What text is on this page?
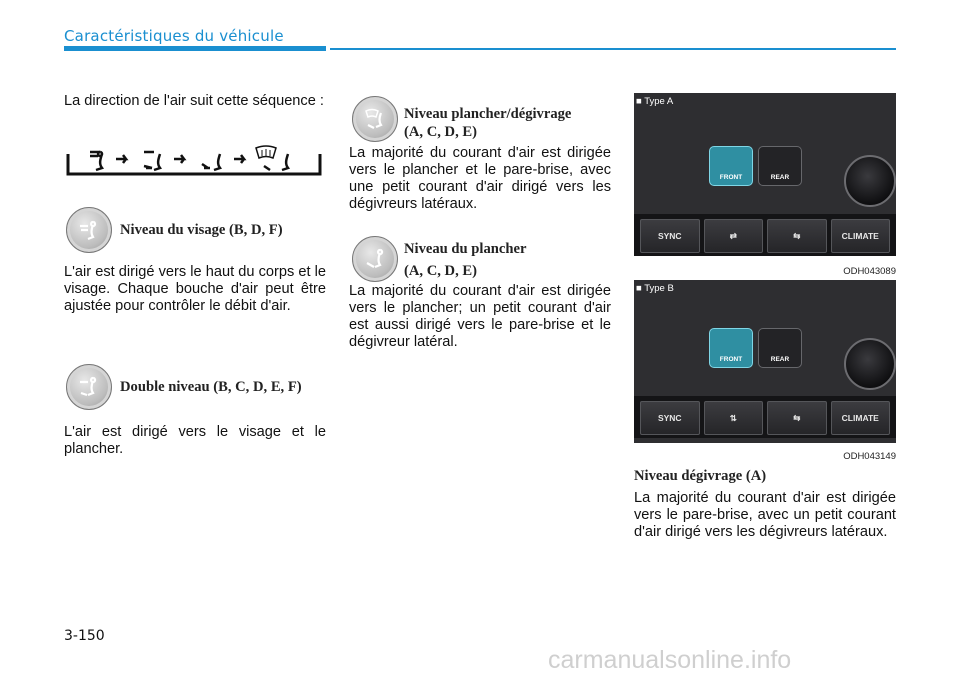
Caractéristiques du véhicule

La direction de l'air suit cette séquence :

Niveau du visage (B, D, F)

L'air est dirigé vers le haut du corps et le visage. Chaque bouche d'air peut être ajustée pour contrôler le débit d'air.

Double niveau (B, C, D, E, F)

L'air est dirigé vers le visage et le plancher.

Niveau plancher/dégivrage
(A, C, D, E)

La majorité du courant d'air est dirigée vers le plancher et le pare-brise, avec une petit courant d'air dirigé vers les dégivreurs latéraux.

Niveau du plancher
(A, C, D, E)

La majorité du courant d'air est dirigée vers le plancher; un petit courant d'air est aussi dirigé vers le pare-brise et le dégivreur latéral.

FRONT	REAR
SYNC	⇄	⇆	CLIMATE
■ Type A
ODH043089
FRONT	REAR
SYNC	⇅	⇆	CLIMATE
■ Type B
ODH043149
Niveau dégivrage (A)

La majorité du courant d'air est dirigée vers le pare-brise, avec un petit courant d'air dirigé vers les dégivreurs latéraux.

3-150
carmanualsonline.info
